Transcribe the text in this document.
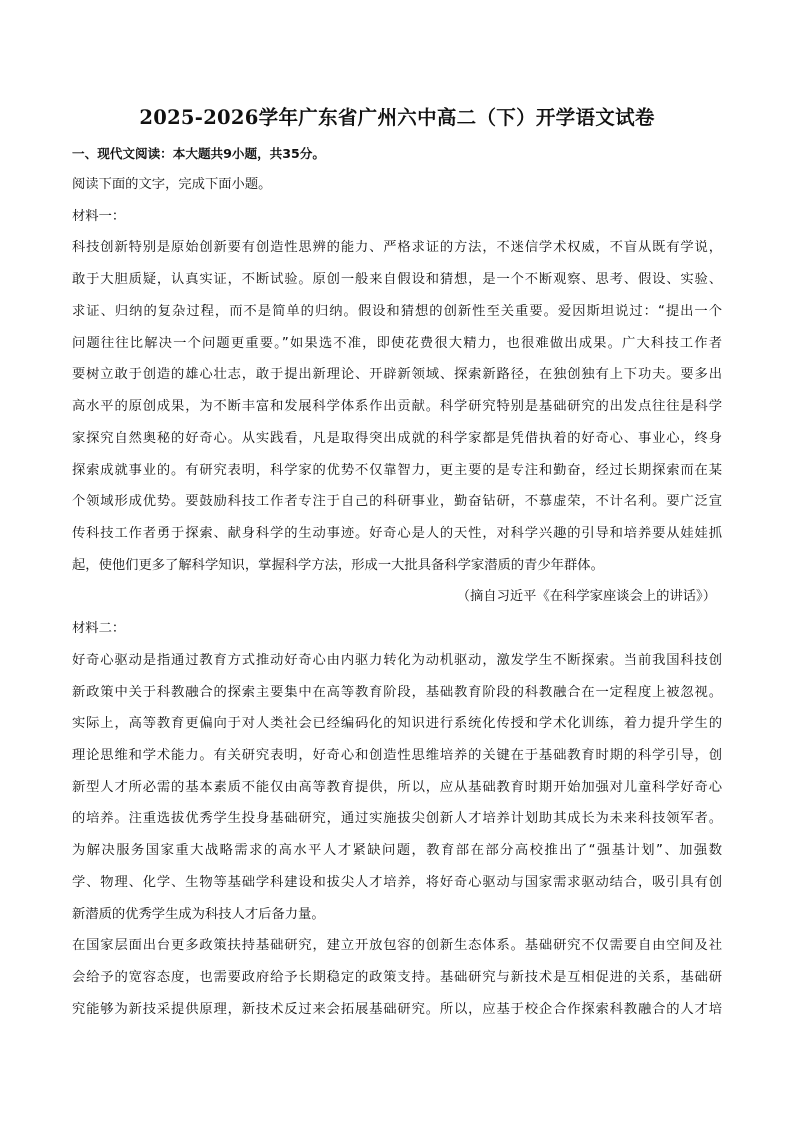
2025-2026学年广东省广州六中高二（下）开学语文试卷
一、现代文阅读：本大题共9小题，共35分。
阅读下面的文字，完成下面小题。
材料一：
科技创新特别是原始创新要有创造性思辨的能力、严格求证的方法，不迷信学术权威，不盲从既有学说，
敢于大胆质疑，认真实证，不断试验。原创一般来自假设和猜想，是一个不断观察、思考、假设、实验、
求证、归纳的复杂过程，而不是简单的归纳。假设和猜想的创新性至关重要。爱因斯坦说过：“提出一个
问题往往比解决一个问题更重要。”如果选不准，即使花费很大精力，也很难做出成果。广大科技工作者
要树立敢于创造的雄心壮志，敢于提出新理论、开辟新领域、探索新路径，在独创独有上下功夫。要多出
高水平的原创成果，为不断丰富和发展科学体系作出贡献。科学研究特别是基础研究的出发点往往是科学
家探究自然奥秘的好奇心。从实践看，凡是取得突出成就的科学家都是凭借执着的好奇心、事业心，终身
探索成就事业的。有研究表明，科学家的优势不仅靠智力，更主要的是专注和勤奋，经过长期探索而在某
个领域形成优势。要鼓励科技工作者专注于自己的科研事业，勤奋钻研，不慕虚荣，不计名利。要广泛宣
传科技工作者勇于探索、献身科学的生动事迹。好奇心是人的天性，对科学兴趣的引导和培养要从娃娃抓
起，使他们更多了解科学知识，掌握科学方法，形成一大批具备科学家潜质的青少年群体。
（摘自习近平《在科学家座谈会上的讲话》）
材料二：
好奇心驱动是指通过教育方式推动好奇心由内驱力转化为动机驱动，激发学生不断探索。当前我国科技创
新政策中关于科教融合的探索主要集中在高等教育阶段，基础教育阶段的科教融合在一定程度上被忽视。
实际上，高等教育更偏向于对人类社会已经编码化的知识进行系统化传授和学术化训练，着力提升学生的
理论思维和学术能力。有关研究表明，好奇心和创造性思维培养的关键在于基础教育时期的科学引导，创
新型人才所必需的基本素质不能仅由高等教育提供，所以，应从基础教育时期开始加强对儿童科学好奇心
的培养。注重选拔优秀学生投身基础研究，通过实施拔尖创新人才培养计划助其成长为未来科技领军者。
为解决服务国家重大战略需求的高水平人才紧缺问题，教育部在部分高校推出了“强基计划”、加强数
学、物理、化学、生物等基础学科建设和拔尖人才培养，将好奇心驱动与国家需求驱动结合，吸引具有创
新潜质的优秀学生成为科技人才后备力量。
在国家层面出台更多政策扶持基础研究，建立开放包容的创新生态体系。基础研究不仅需要自由空间及社
会给予的宽容态度，也需要政府给予长期稳定的政策支持。基础研究与新技术是互相促进的关系，基础研
究能够为新技采提供原理，新技术反过来会拓展基础研究。所以，应基于校企合作探索科教融合的人才培
